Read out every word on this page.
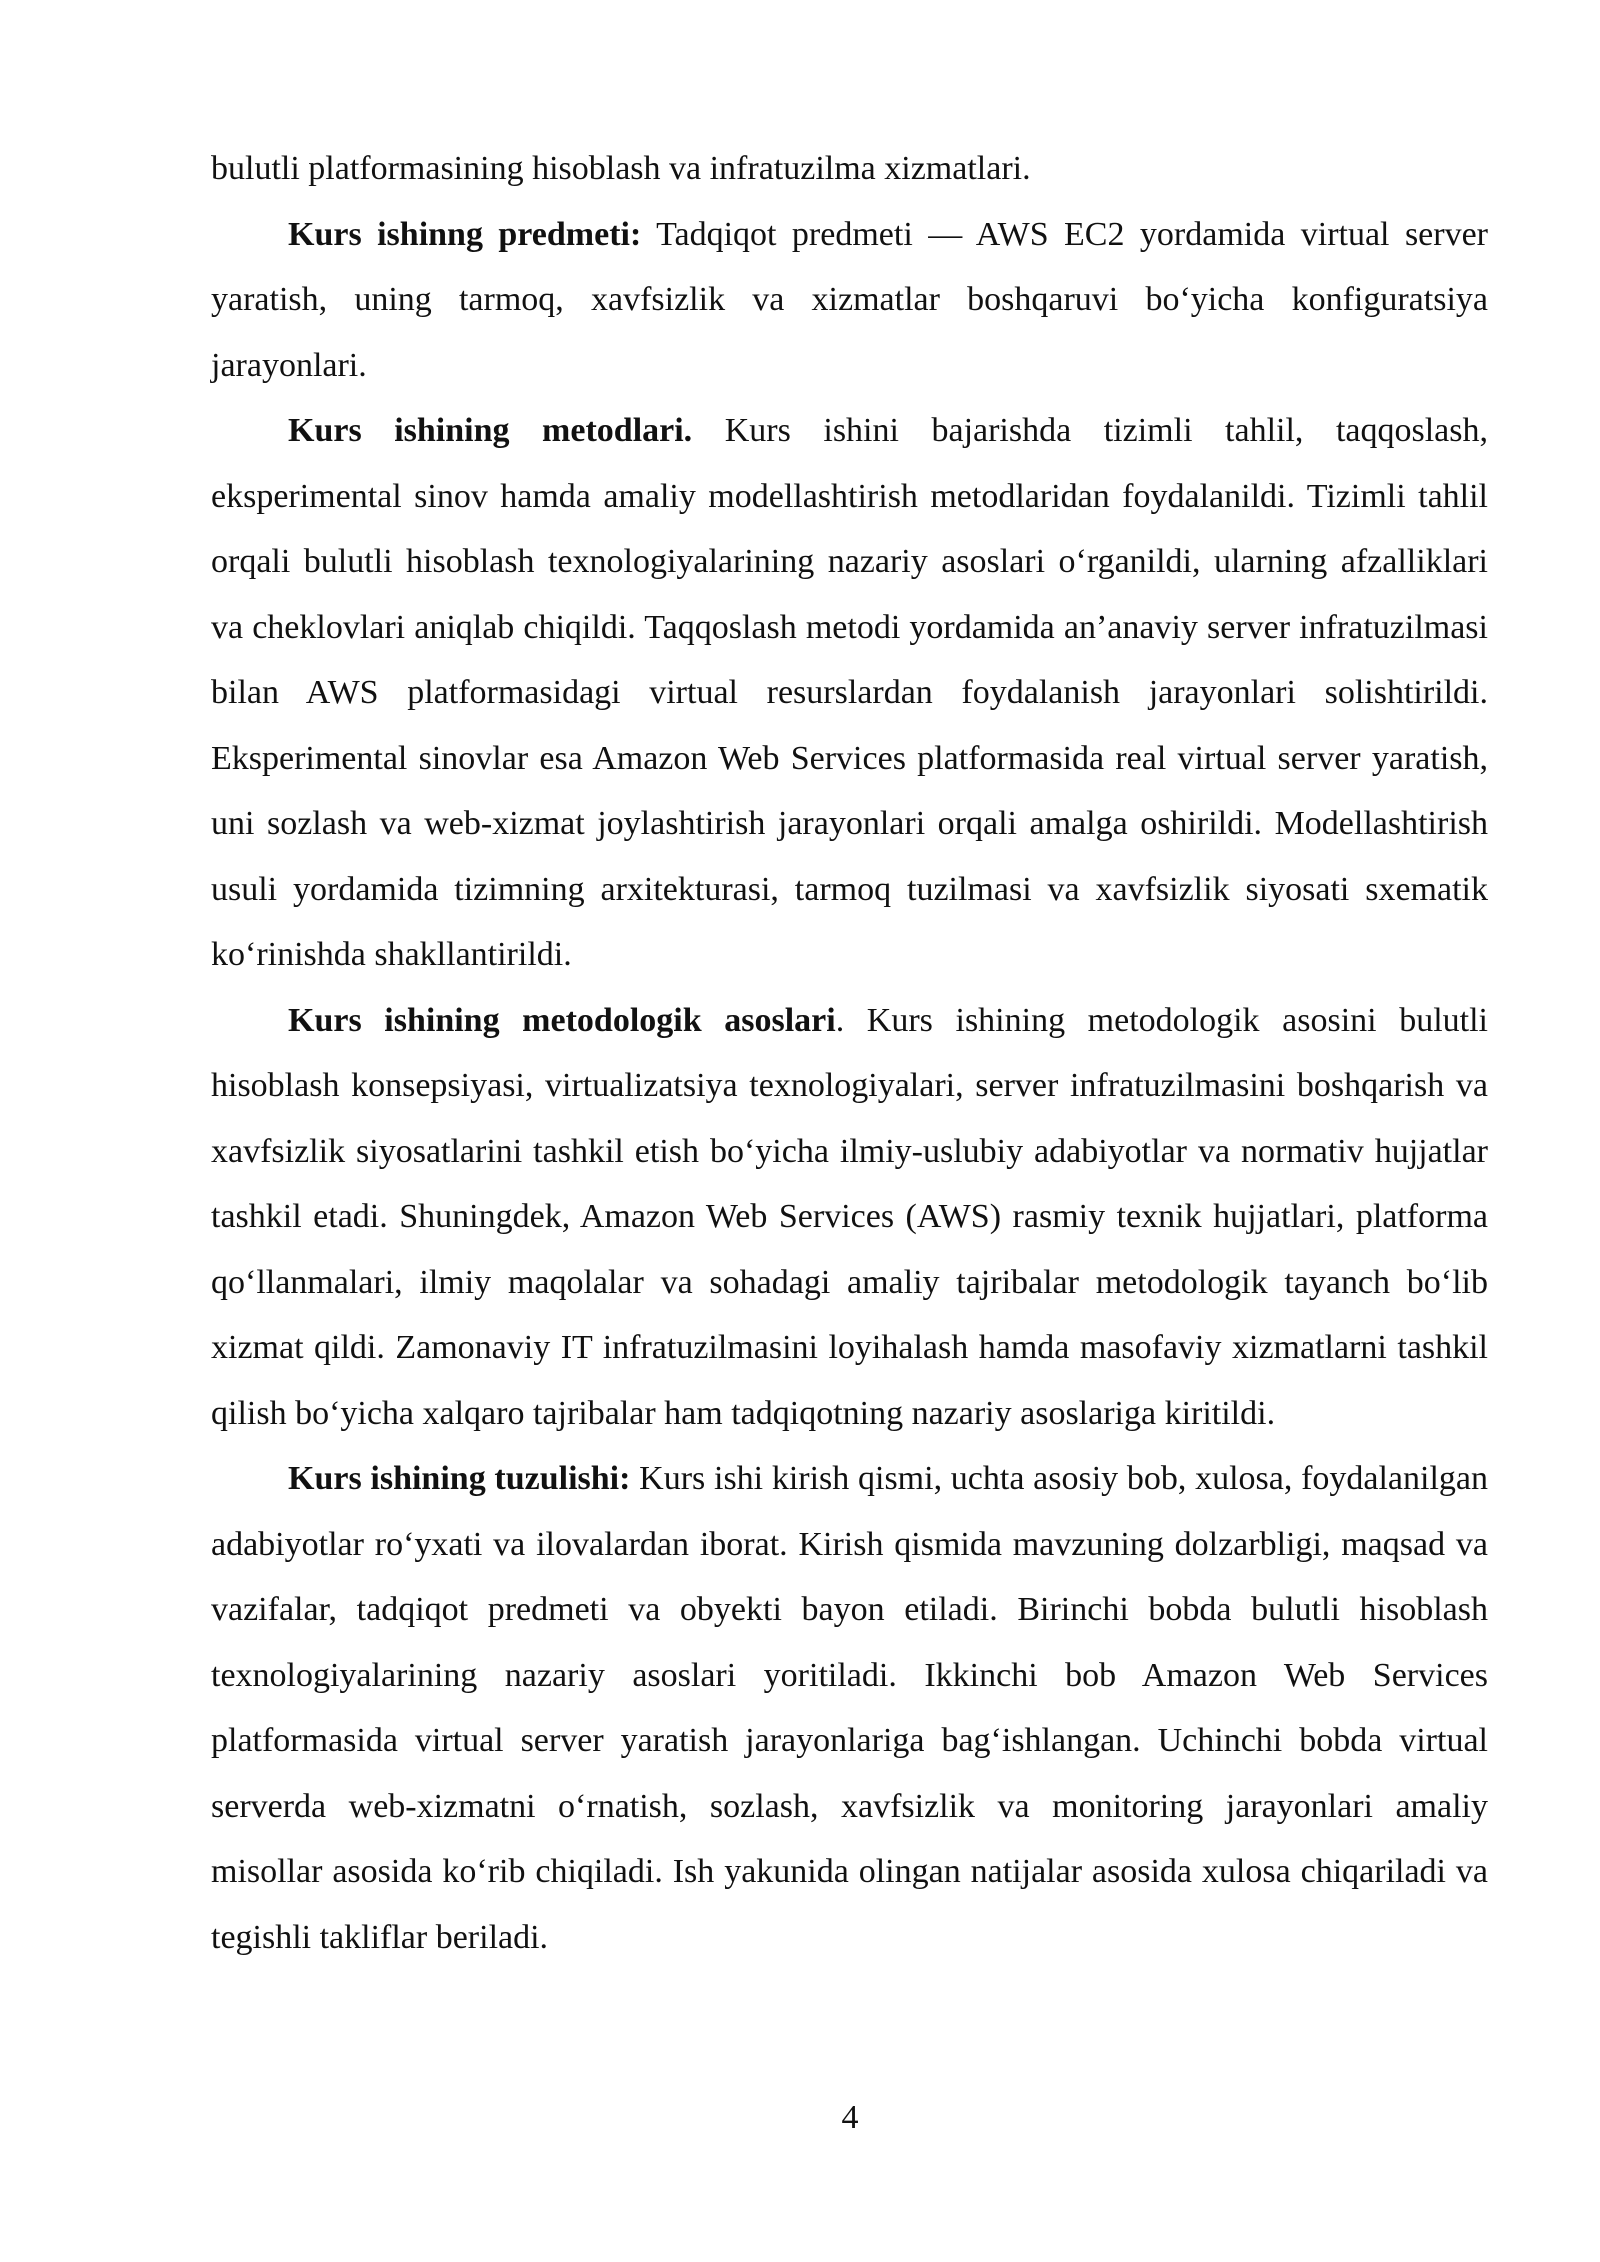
bulutli platformasining hisoblash va infratuzilma xizmatlari.

Kurs ishinng predmeti: Tadqiqot predmeti — AWS EC2 yordamida virtual server yaratish, uning tarmoq, xavfsizlik va xizmatlar boshqaruvi bo‘yicha konfiguratsiya jarayonlari.

Kurs ishining metodlari. Kurs ishini bajarishda tizimli tahlil, taqqoslash, eksperimental sinov hamda amaliy modellashtirish metodlaridan foydalanildi. Tizimli tahlil orqali bulutli hisoblash texnologiyalarining nazariy asoslari o‘rganildi, ularning afzalliklari va cheklovlari aniqlab chiqildi. Taqqoslash metodi yordamida an’anaviy server infratuzilmasi bilan AWS platformasidagi virtual resurslardan foydalanish jarayonlari solishtirildi. Eksperimental sinovlar esa Amazon Web Services platformasida real virtual server yaratish, uni sozlash va web-xizmat joylashtirish jarayonlari orqali amalga oshirildi. Modellashtirish usuli yordamida tizimning arxitekturasi, tarmoq tuzilmasi va xavfsizlik siyosati sxematik ko‘rinishda shakllantirildi.

Kurs ishining metodologik asoslari. Kurs ishining metodologik asosini bulutli hisoblash konsepsiyasi, virtualizatsiya texnologiyalari, server infratuzilmasini boshqarish va xavfsizlik siyosatlarini tashkil etish bo‘yicha ilmiy-uslubiy adabiyotlar va normativ hujjatlar tashkil etadi. Shuningdek, Amazon Web Services (AWS) rasmiy texnik hujjatlari, platforma qo‘llanmalari, ilmiy maqolalar va sohadagi amaliy tajribalar metodologik tayanch bo‘lib xizmat qildi. Zamonaviy IT infratuzilmasini loyihalash hamda masofaviy xizmatlarni tashkil qilish bo‘yicha xalqaro tajribalar ham tadqiqotning nazariy asoslariga kiritildi.

Kurs ishining tuzulishi: Kurs ishi kirish qismi, uchta asosiy bob, xulosa, foydalanilgan adabiyotlar ro‘yxati va ilovalardan iborat. Kirish qismida mavzuning dolzarbligi, maqsad va vazifalar, tadqiqot predmeti va obyekti bayon etiladi. Birinchi bobda bulutli hisoblash texnologiyalarining nazariy asoslari yoritiladi. Ikkinchi bob Amazon Web Services platformasida virtual server yaratish jarayonlariga bag‘ishlangan. Uchinchi bobda virtual serverda web-xizmatni o‘rnatish, sozlash, xavfsizlik va monitoring jarayonlari amaliy misollar asosida ko‘rib chiqiladi. Ish yakunida olingan natijalar asosida xulosa chiqariladi va tegishli takliflar beriladi.

4
